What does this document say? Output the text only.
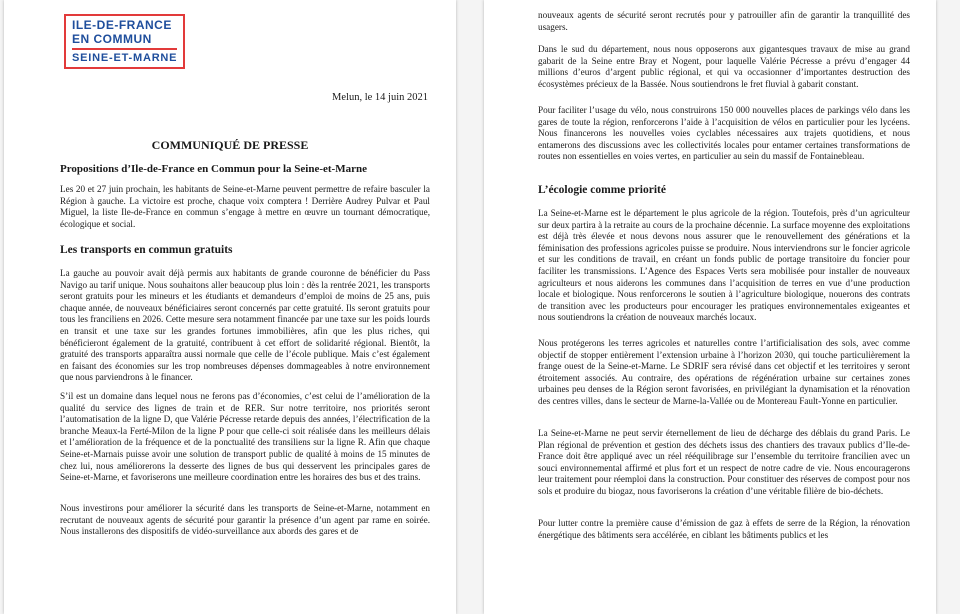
ILE-DE-FRANCE
EN COMMUN
SEINE-ET-MARNE
Melun, le 14 juin 2021
COMMUNIQUÉ DE PRESSE
Propositions d’Ile-de-France en Commun pour la Seine-et-Marne

Les 20 et 27 juin prochain, les habitants de Seine-et-Marne peuvent permettre de refaire basculer la Région à gauche. La victoire est proche, chaque voix comptera ! Derrière Audrey Pulvar et Paul Miguel, la liste Ile-de-France en commun s’engage à mettre en œuvre un tournant démocratique, écologique et social.

Les transports en commun gratuits

La gauche au pouvoir avait déjà permis aux habitants de grande couronne de bénéficier du Pass Navigo au tarif unique. Nous souhaitons aller beaucoup plus loin : dès la rentrée 2021, les transports seront gratuits pour les mineurs et les étudiants et demandeurs d’emploi de moins de 25 ans, puis chaque année, de nouveaux bénéficiaires seront concernés par cette gratuité. Ils seront gratuits pour tous les franciliens en 2026. Cette mesure sera notamment financée par une taxe sur les poids lourds en transit et une taxe sur les grandes fortunes immobilières, afin que les plus riches, qui bénéficieront également de la gratuité, contribuent à cet effort de solidarité régional. Bientôt, la gratuité des transports apparaîtra aussi normale que celle de l’école publique. Mais c’est également en faisant des économies sur les trop nombreuses dépenses dommageables à notre environnement que nous parviendrons à le financer.

S’il est un domaine dans lequel nous ne ferons pas d’économies, c’est celui de l’amélioration de la qualité du service des lignes de train et de RER. Sur notre territoire, nos priorités seront l’automatisation de la ligne D, que Valérie Pécresse retarde depuis des années, l’électrification de la branche Meaux-la Ferté-Milon de la ligne P pour que celle-ci soit réalisée dans les meilleurs délais et l’amélioration de la fréquence et de la ponctualité des transiliens sur la ligne R. Afin que chaque Seine-et-Marnais puisse avoir une solution de transport public de qualité à moins de 15 minutes de chez lui, nous améliorerons la desserte des lignes de bus qui desservent les principales gares de Seine-et-Marne, et favoriserons une meilleure coordination entre les horaires des bus et des trains.

Nous investirons pour améliorer la sécurité dans les transports de Seine-et-Marne, notamment en recrutant de nouveaux agents de sécurité pour garantir la présence d’un agent par rame en soirée. Nous installerons des dispositifs de vidéo-surveillance aux abords des gares et de

nouveaux agents de sécurité seront recrutés pour y patrouiller afin de garantir la tranquillité des usagers.

Dans le sud du département, nous nous opposerons aux gigantesques travaux de mise au grand gabarit de la Seine entre Bray et Nogent, pour laquelle Valérie Pécresse a prévu d’engager 44 millions d’euros d’argent public régional, et qui va occasionner d’importantes destruction des écosystèmes précieux de la Bassée. Nous soutiendrons le fret fluvial à gabarit constant.

Pour faciliter l’usage du vélo, nous construirons 150 000 nouvelles places de parkings vélo dans les gares de toute la région, renforcerons l’aide à l’acquisition de vélos en particulier pour les lycéens. Nous financerons les nouvelles voies cyclables nécessaires aux trajets quotidiens, et nous entamerons des discussions avec les collectivités locales pour entamer certaines transformations de routes non essentielles en voies vertes, en particulier au sein du massif de Fontainebleau.

L’écologie comme priorité

La Seine-et-Marne est le département le plus agricole de la région. Toutefois, près d’un agriculteur sur deux partira à la retraite au cours de la prochaine décennie. La surface moyenne des exploitations est déjà très élevée et nous devons nous assurer que le renouvellement des générations et la féminisation des professions agricoles puisse se produire. Nous interviendrons sur le foncier agricole et sur les conditions de travail, en créant un fonds public de portage transitoire du foncier pour faciliter les transmissions. L’Agence des Espaces Verts sera mobilisée pour installer de nouveaux agriculteurs et nous aiderons les communes dans l’acquisition de terres en vue d’une production locale et biologique. Nous renforcerons le soutien à l’agriculture biologique, nouerons des contrats de transition avec les producteurs pour encourager les pratiques environnementales exigeantes et nous soutiendrons la création de nouveaux marchés locaux.

Nous protégerons les terres agricoles et naturelles contre l’artificialisation des sols, avec comme objectif de stopper entièrement l’extension urbaine à l’horizon 2030, qui touche particulièrement la frange ouest de la Seine-et-Marne. Le SDRIF sera révisé dans cet objectif et les territoires y seront étroitement associés. Au contraire, des opérations de régénération urbaine sur certaines zones urbaines peu denses de la Région seront favorisées, en privilégiant la dynamisation et la rénovation des centres villes, dans le secteur de Marne-la-Vallée ou de Montereau Fault-Yonne en particulier.

La Seine-et-Marne ne peut servir éternellement de lieu de décharge des déblais du grand Paris. Le Plan régional de prévention et gestion des déchets issus des chantiers des travaux publics d’Ile-de-France doit être appliqué avec un réel rééquilibrage sur l’ensemble du territoire francilien avec un souci environnemental affirmé et plus fort et un respect de notre cadre de vie. Nous encouragerons leur traitement pour réemploi dans la construction. Pour constituer des réserves de compost pour nos sols et produire du biogaz, nous favoriserons la création d’une véritable filière de bio-déchets.

Pour lutter contre la première cause d’émission de gaz à effets de serre de la Région, la rénovation énergétique des bâtiments sera accélérée, en ciblant les bâtiments publics et les
